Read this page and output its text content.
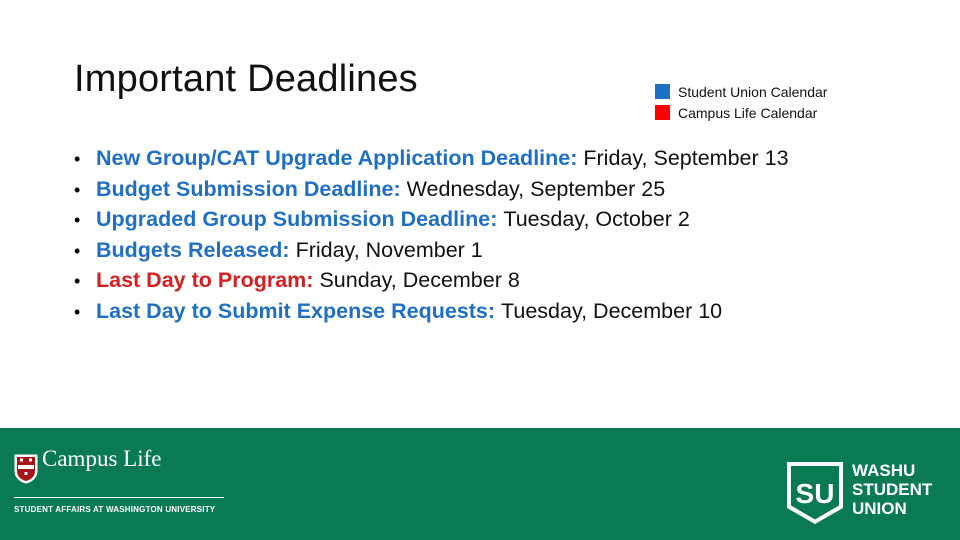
Important Deadlines	Student Union Calendar
Campus Life Calendar
• New Group/CAT Upgrade Application Deadline: Friday, September 13
• Budget Submission Deadline: Wednesday, September 25
• Upgraded Group Submission Deadline: Tuesday, October 2
• Budgets Released: Friday, November 1
• Last Day to Program: Sunday, December 8
• Last Day to Submit Expense Requests: Tuesday, December 10
Campus Life
STUDENT AFFAIRS AT WASHINGTON UNIVERSITY
SU
WASHU
STUDENT
UNION
